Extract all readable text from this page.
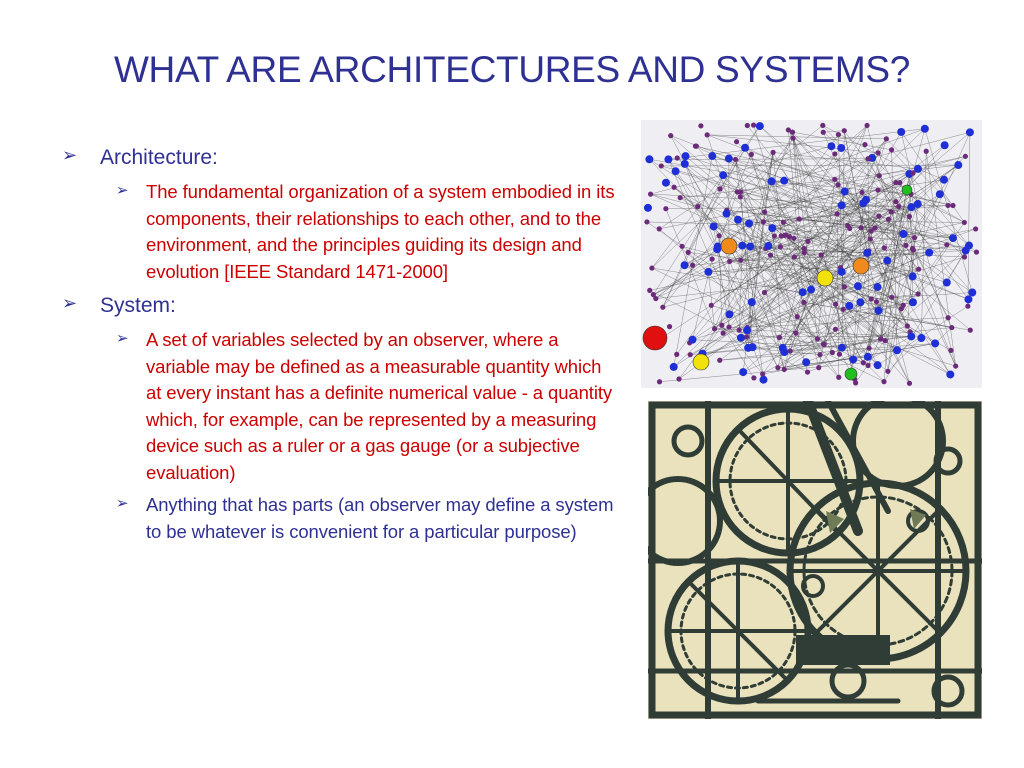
WHAT ARE ARCHITECTURES AND SYSTEMS?
➢ Architecture:
➢ The fundamental organization of a system embodied in its components, their relationships to each other, and to the environment, and the principles guiding its design and evolution [IEEE Standard 1471-2000]
➢ System:
➢ A set of variables selected by an observer, where a variable may be defined as a measurable quantity which at every instant has a definite numerical value - a quantity which, for example, can be represented by a measuring device such as a ruler or a gas gauge (or a subjective evaluation)
➢ Anything that has parts (an observer may define a system to be whatever is convenient for a particular purpose)
